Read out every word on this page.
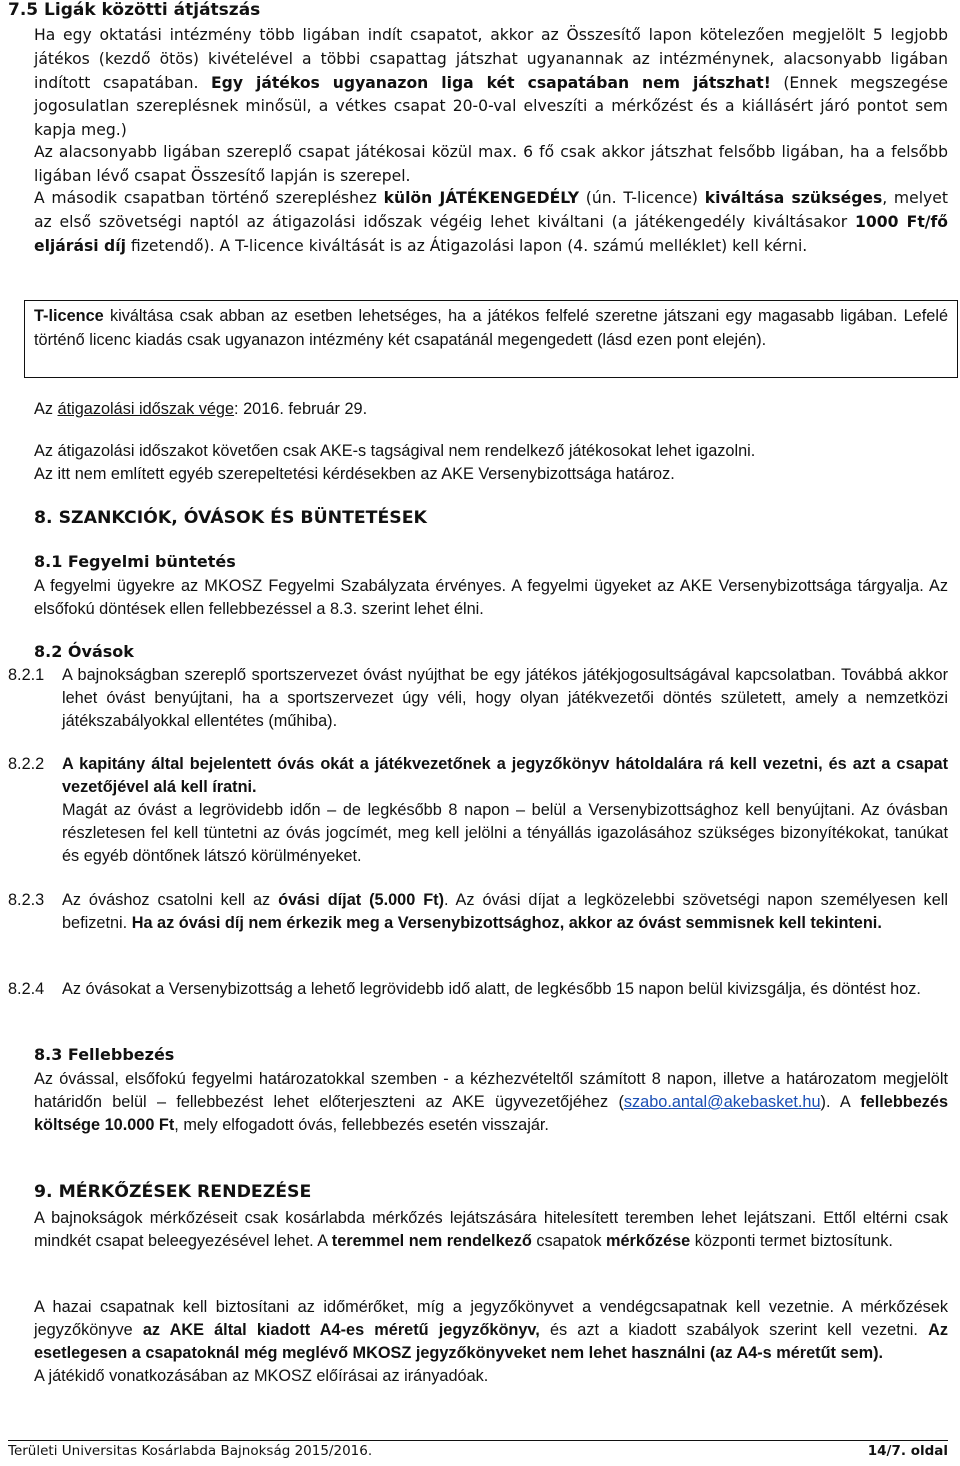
7.5 Ligák közötti átjátszás
Ha egy oktatási intézmény több ligában indít csapatot, akkor az Összesítő lapon kötelezően megjelölt 5 legjobb játékos (kezdő ötös) kivételével a többi csapattag játszhat ugyanannak az intézménynek, alacsonyabb ligában indított csapatában. Egy játékos ugyanazon liga két csapatában nem játszhat! (Ennek megszegése jogosulatlan szereplésnek minősül, a vétkes csapat 20-0-val elveszíti a mérkőzést és a kiállásért járó pontot sem kapja meg.)
Az alacsonyabb ligában szereplő csapat játékosai közül max. 6 fő csak akkor játszhat felsőbb ligában, ha a felsőbb ligában lévő csapat Összesítő lapján is szerepel.
A második csapatban történő szerepléshez külön JÁTÉKENGEDÉLY (ún. T-licence) kiváltása szükséges, melyet az első szövetségi naptól az átigazolási időszak végéig lehet kiváltani (a játékengedély kiváltásakor 1000 Ft/fő eljárási díj fizetendő). A T-licence kiváltását is az Átigazolási lapon (4. számú melléklet) kell kérni.
T-licence kiváltása csak abban az esetben lehetséges, ha a játékos felfelé szeretne játszani egy magasabb ligában. Lefelé történő licenc kiadás csak ugyanazon intézmény két csapatánál megengedett (lásd ezen pont elején).
Az átigazolási időszak vége: 2016. február 29.
Az átigazolási időszakot követően csak AKE-s tagságival nem rendelkező játékosokat lehet igazolni.
Az itt nem említett egyéb szerepeltetési kérdésekben az AKE Versenybizottsága határoz.
8. SZANKCIÓK, ÓVÁSOK ÉS BÜNTETÉSEK
8.1 Fegyelmi büntetés
A fegyelmi ügyekre az MKOSZ Fegyelmi Szabályzata érvényes. A fegyelmi ügyeket az AKE Versenybizottsága tárgyalja. Az elsőfokú döntések ellen fellebbezéssel a 8.3. szerint lehet élni.
8.2 Óvások
8.2.1 A bajnokságban szereplő sportszervezet óvást nyújthat be egy játékos játékjogosultságával kapcsolatban. Továbbá akkor lehet óvást benyújtani, ha a sportszervezet úgy véli, hogy olyan játékvezetői döntés született, amely a nemzetközi játékszabályokkal ellentétes (műhiba).
8.2.2 A kapitány által bejelentett óvás okát a játékvezetőnek a jegyzőkönyv hátoldalára rá kell vezetni, és azt a csapat vezetőjével alá kell íratni.
Magát az óvást a legrövidebb időn – de legkésőbb 8 napon – belül a Versenybizottsághoz kell benyújtani. Az óvásban részletesen fel kell tüntetni az óvás jogcímét, meg kell jelölni a tényállás igazolásához szükséges bizonyítékokat, tanúkat és egyéb döntőnek látszó körülményeket.
8.2.3 Az óváshoz csatolni kell az óvási díjat (5.000 Ft). Az óvási díjat a legközelebbi szövetségi napon személyesen kell befizetni. Ha az óvási díj nem érkezik meg a Versenybizottsághoz, akkor az óvást semmisnek kell tekinteni.
8.2.4 Az óvásokat a Versenybizottság a lehető legrövidebb idő alatt, de legkésőbb 15 napon belül kivizsgálja, és döntést hoz.
8.3 Fellebbezés
Az óvással, elsőfokú fegyelmi határozatokkal szemben - a kézhezvételtől számított 8 napon, illetve a határozatom megjelölt határidőn belül – fellebbezést lehet előterjeszteni az AKE ügyvezetőjéhez (szabo.antal@akebasket.hu). A fellebbezés költsége 10.000 Ft, mely elfogadott óvás, fellebbezés esetén visszajár.
9. MÉRKŐZÉSEK RENDEZÉSE
A bajnokságok mérkőzéseit csak kosárlabda mérkőzés lejátszására hitelesített teremben lehet lejátszani. Ettől eltérni csak mindkét csapat beleegyezésével lehet. A teremmel nem rendelkező csapatok mérkőzése központi termet biztosítunk.
A hazai csapatnak kell biztosítani az időmérőket, míg a jegyzőkönyvet a vendégcsapatnak kell vezetnie. A mérkőzések jegyzőkönyve az AKE által kiadott A4-es méretű jegyzőkönyv, és azt a kiadott szabályok szerint kell vezetni. Az esetlegesen a csapatoknál még meglévő MKOSZ jegyzőkönyveket nem lehet használni (az A4-s méretűt sem).
A játékidő vonatkozásában az MKOSZ előírásai az irányadóak.
Területi Universitas Kosárlabda Bajnokság 2015/2016.	14/7. oldal
